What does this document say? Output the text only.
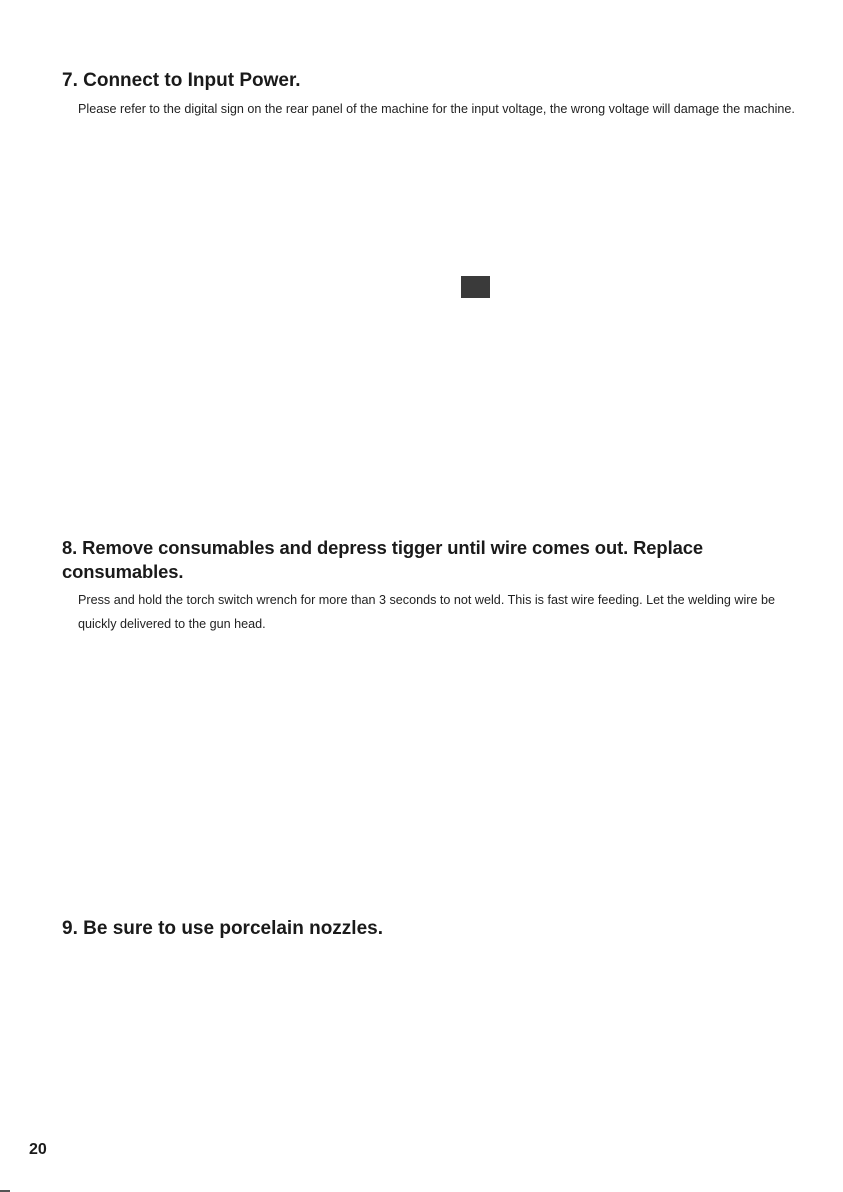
7. Connect to Input Power.

Please refer to the digital sign on the rear panel of the machine for the input voltage, the wrong voltage will damage the machine.

8. Remove consumables and depress tigger until wire comes out. Replace consumables.

Press and hold the torch switch wrench for more than 3 seconds to not weld. This is fast wire feeding. Let the welding wire be quickly delivered to the gun head.

9. Be sure to use porcelain nozzles.
20
